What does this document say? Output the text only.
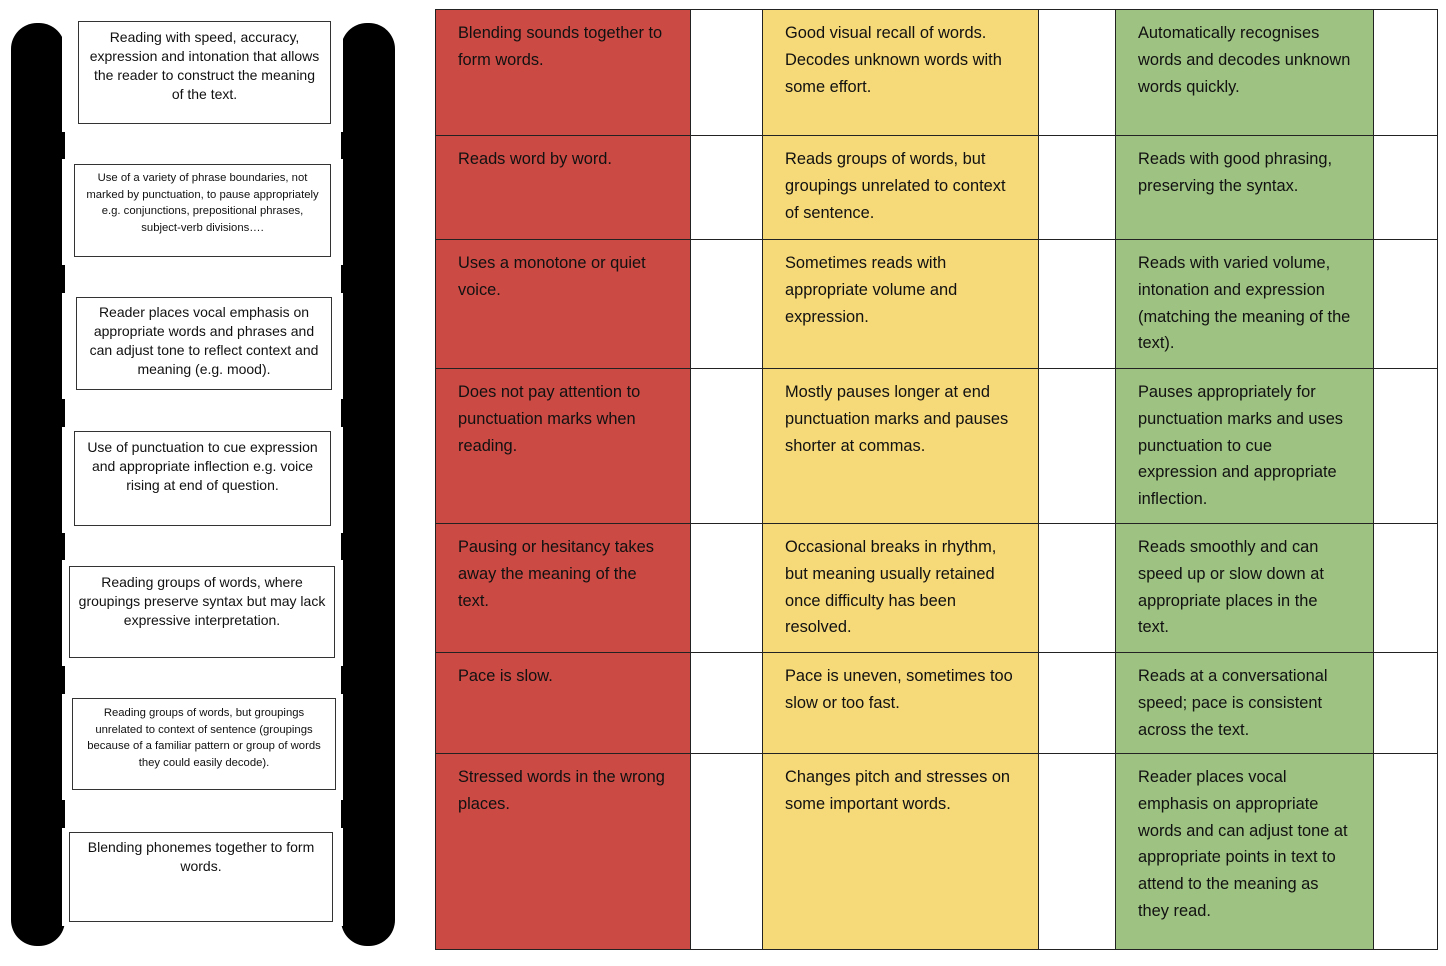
Reading with speed, accuracy, expression and intonation that allows the reader to construct the meaning of the text.
Use of a variety of phrase boundaries, not marked by punctuation, to pause appropriately e.g. conjunctions, prepositional phrases, subject-verb divisions….
Reader places vocal emphasis on appropriate words and phrases and can adjust tone to reflect context and meaning (e.g. mood).
Use of punctuation to cue expression and appropriate inflection e.g. voice rising at end of question.
Reading groups of words, where groupings preserve syntax but may lack expressive interpretation.
Reading groups of words, but groupings unrelated to context of sentence (groupings because of a familiar pattern or group of words they could easily decode).
Blending phonemes together to form words.
Blending sounds together to form words.		Good visual recall of words. Decodes unknown words with some effort.		Automatically recognises words and decodes unknown words quickly.	
Reads word by word.		Reads groups of words, but groupings unrelated to context of sentence.		Reads with good phrasing, preserving the syntax.	
Uses a monotone or quiet voice.		Sometimes reads with appropriate volume and expression.		Reads with varied volume, intonation and expression (matching the meaning of the text).	
Does not pay attention to punctuation marks when reading.		Mostly pauses longer at end punctuation marks and pauses shorter at commas.		Pauses appropriately for punctuation marks and uses punctuation to cue expression and appropriate inflection.	
Pausing or hesitancy takes away the meaning of the text.		Occasional breaks in rhythm, but meaning usually retained once difficulty has been resolved.		Reads smoothly and can speed up or slow down at appropriate places in the text.	
Pace is slow.		Pace is uneven, sometimes too slow or too fast.		Reads at a conversational speed; pace is consistent across the text.	
Stressed words in the wrong places.		Changes pitch and stresses on some important words.		Reader places vocal emphasis on appropriate words and can adjust tone at appropriate points in text to attend to the meaning as they read.	
